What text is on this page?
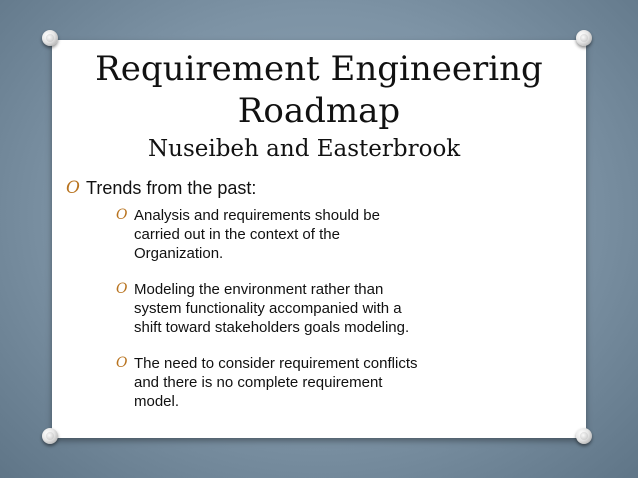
Requirement Engineering
Roadmap
Nuseibeh and Easterbrook
O Trends from the past:
O Analysis and requirements should be
carried out in the context of the
Organization.
O Modeling the environment rather than
system functionality accompanied with a
shift toward stakeholders goals modeling.
O The need to consider requirement conflicts
and there is no complete requirement
model.
